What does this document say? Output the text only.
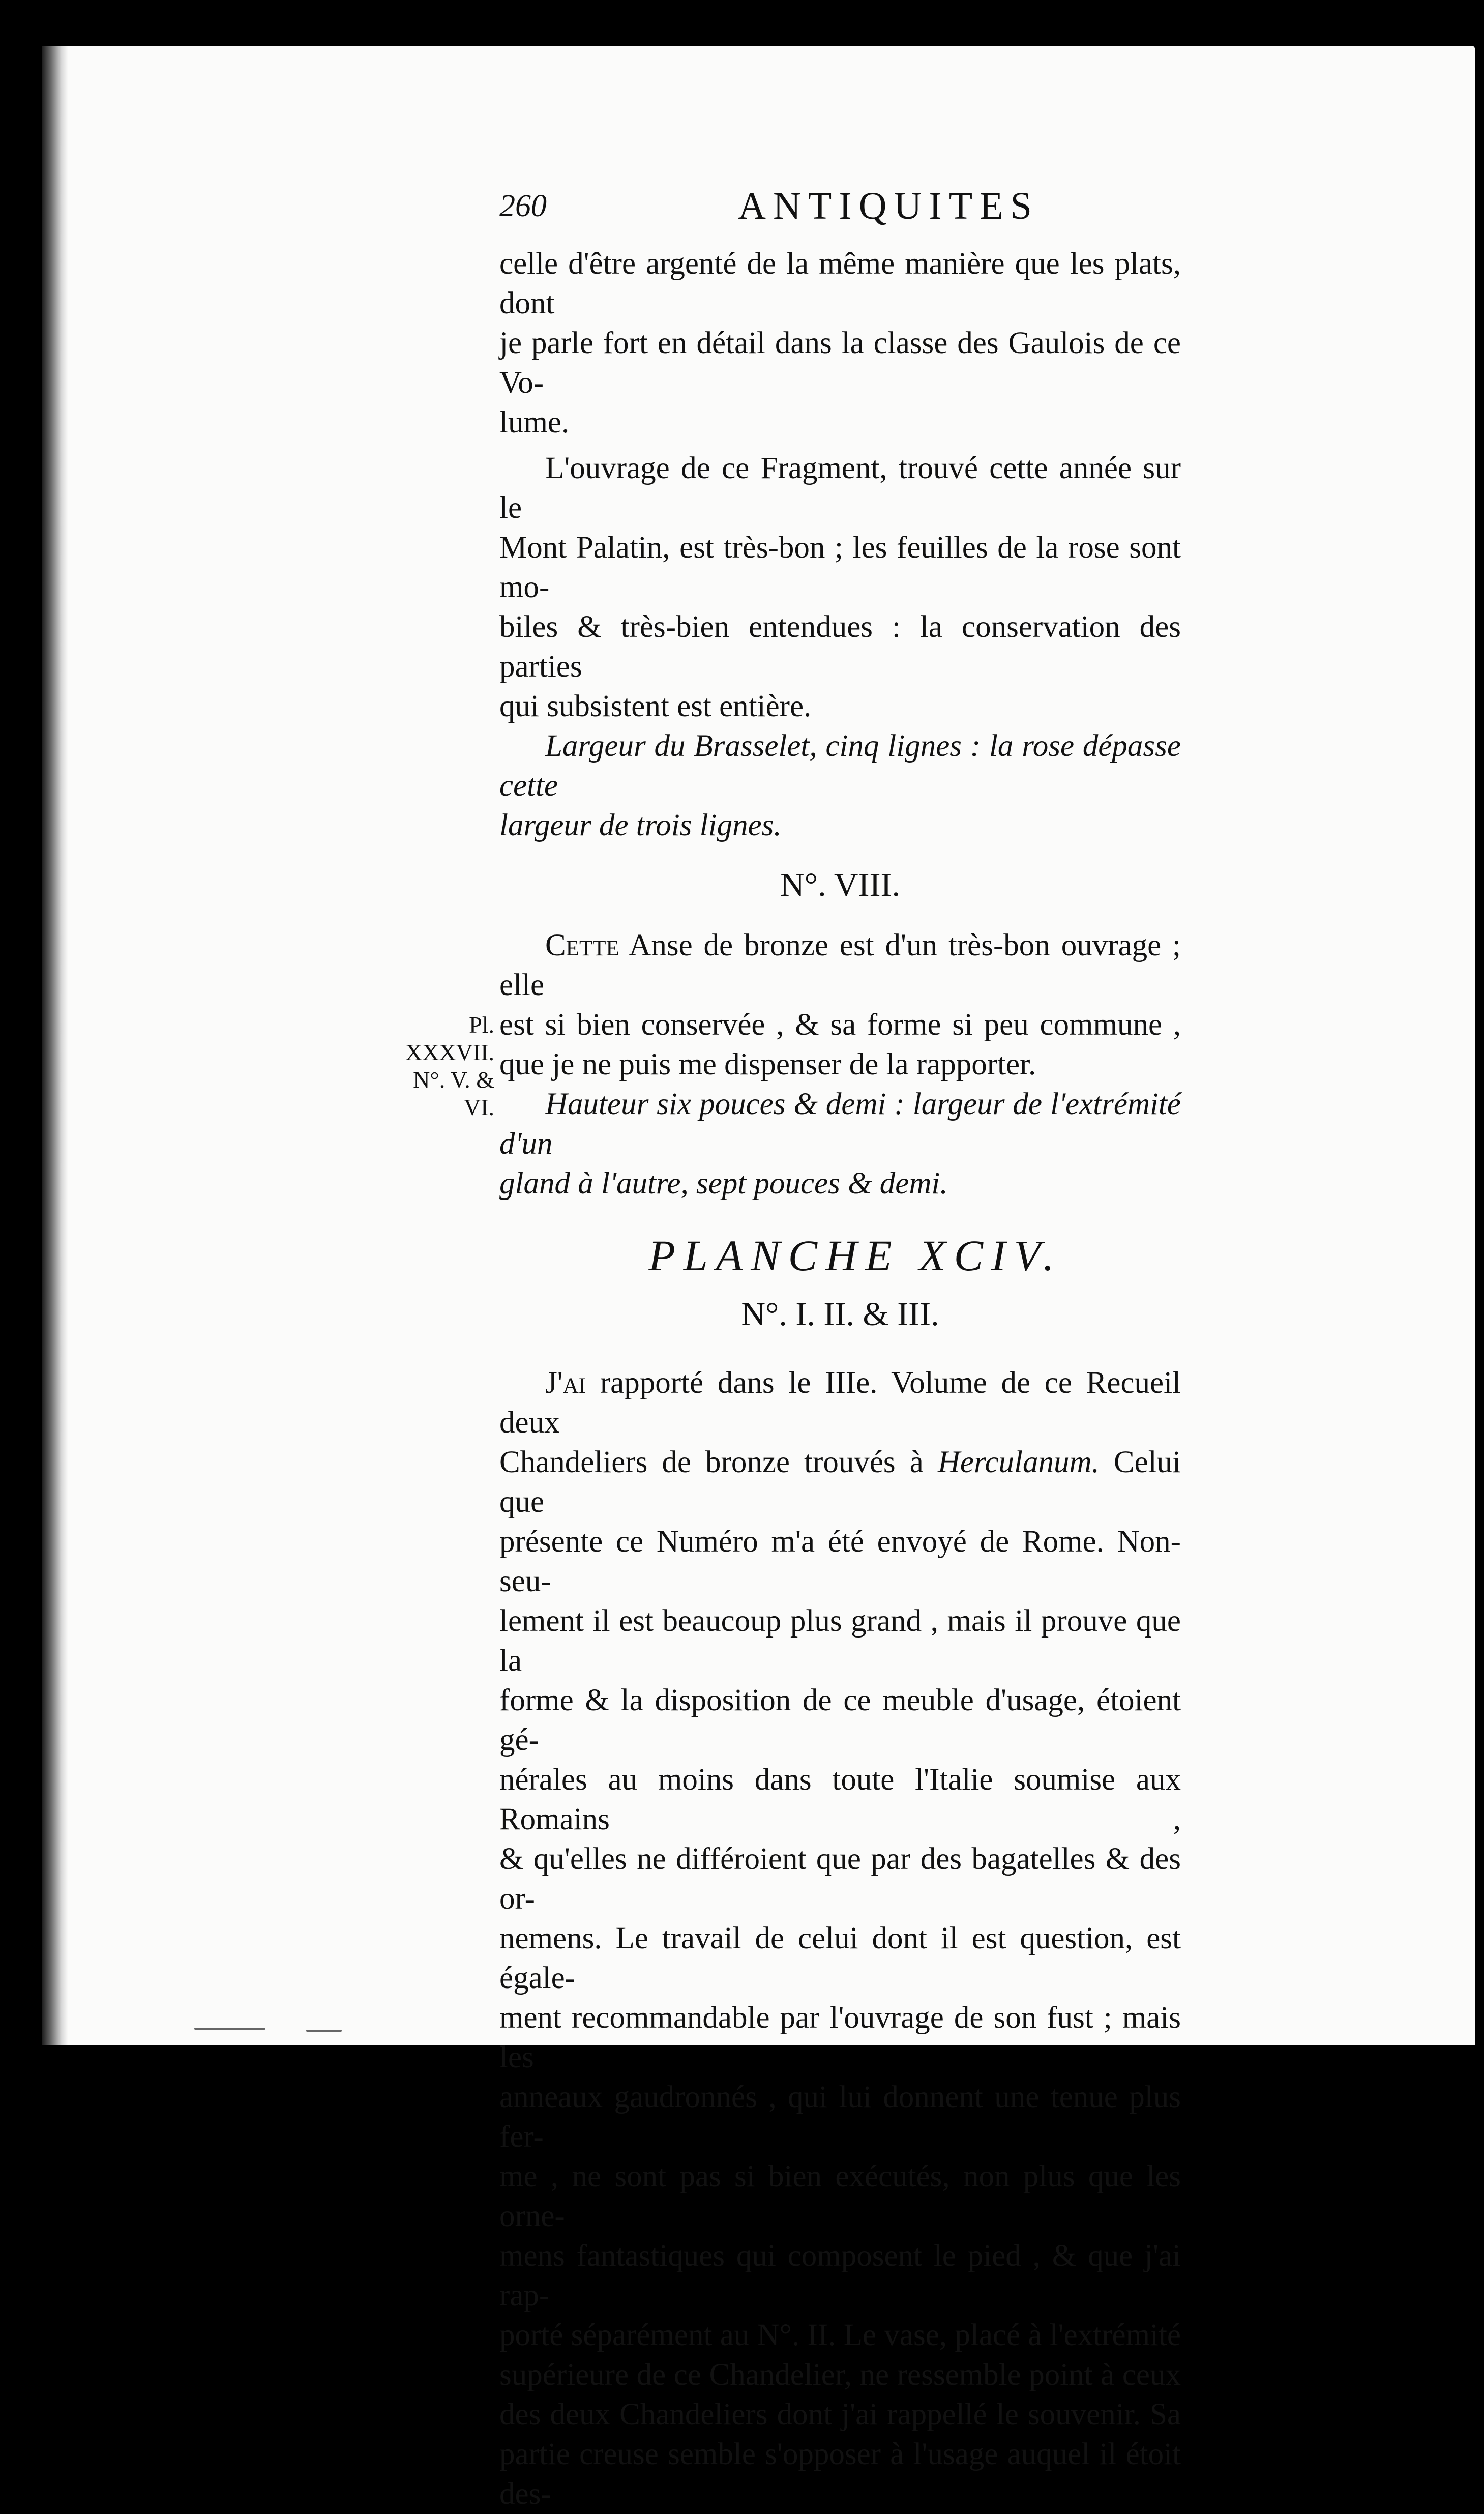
Pl. XXXVII.
N°. V. & VI.
260	ANTIQUITES

celle d'être argenté de la même manière que les plats, dont

je parle fort en détail dans la classe des Gaulois de ce Vo-

lume.

L'ouvrage de ce Fragment, trouvé cette année sur le

Mont Palatin, est très-bon ; les feuilles de la rose sont mo-

biles & très-bien entendues : la conservation des parties

qui subsistent est entière.

Largeur du Brasselet, cinq lignes : la rose dépasse cette

largeur de trois lignes.

N°. VIII.

Cette Anse de bronze est d'un très-bon ouvrage ; elle

est si bien conservée , & sa forme si peu commune ,

que je ne puis me dispenser de la rapporter.

Hauteur six pouces & demi : largeur de l'extrémité d'un

gland à l'autre, sept pouces & demi.

PLANCHE XCIV.
N°. I. II. & III.

J'ai rapporté dans le IIIe. Volume de ce Recueil deux

Chandeliers de bronze trouvés à Herculanum. Celui que

présente ce Numéro m'a été envoyé de Rome. Non-seu-

lement il est beaucoup plus grand , mais il prouve que la

forme & la disposition de ce meuble d'usage, étoient gé-

nérales au moins dans toute l'Italie soumise aux Romains ,

& qu'elles ne différoient que par des bagatelles & des or-

nemens. Le travail de celui dont il est question, est égale-

ment recommandable par l'ouvrage de son fust ; mais les

anneaux gaudronnés , qui lui donnent une tenue plus fer-

me , ne sont pas si bien exécutés, non plus que les orne-

mens fantastiques qui composent le pied , & que j'ai rap-

porté séparément au N°. II. Le vase, placé à l'extrémité

supérieure de ce Chandelier, ne ressemble point à ceux

des deux Chandeliers dont j'ai rappellé le souvenir. Sa

partie creuse semble s'opposer à l'usage auquel il étoit des-
